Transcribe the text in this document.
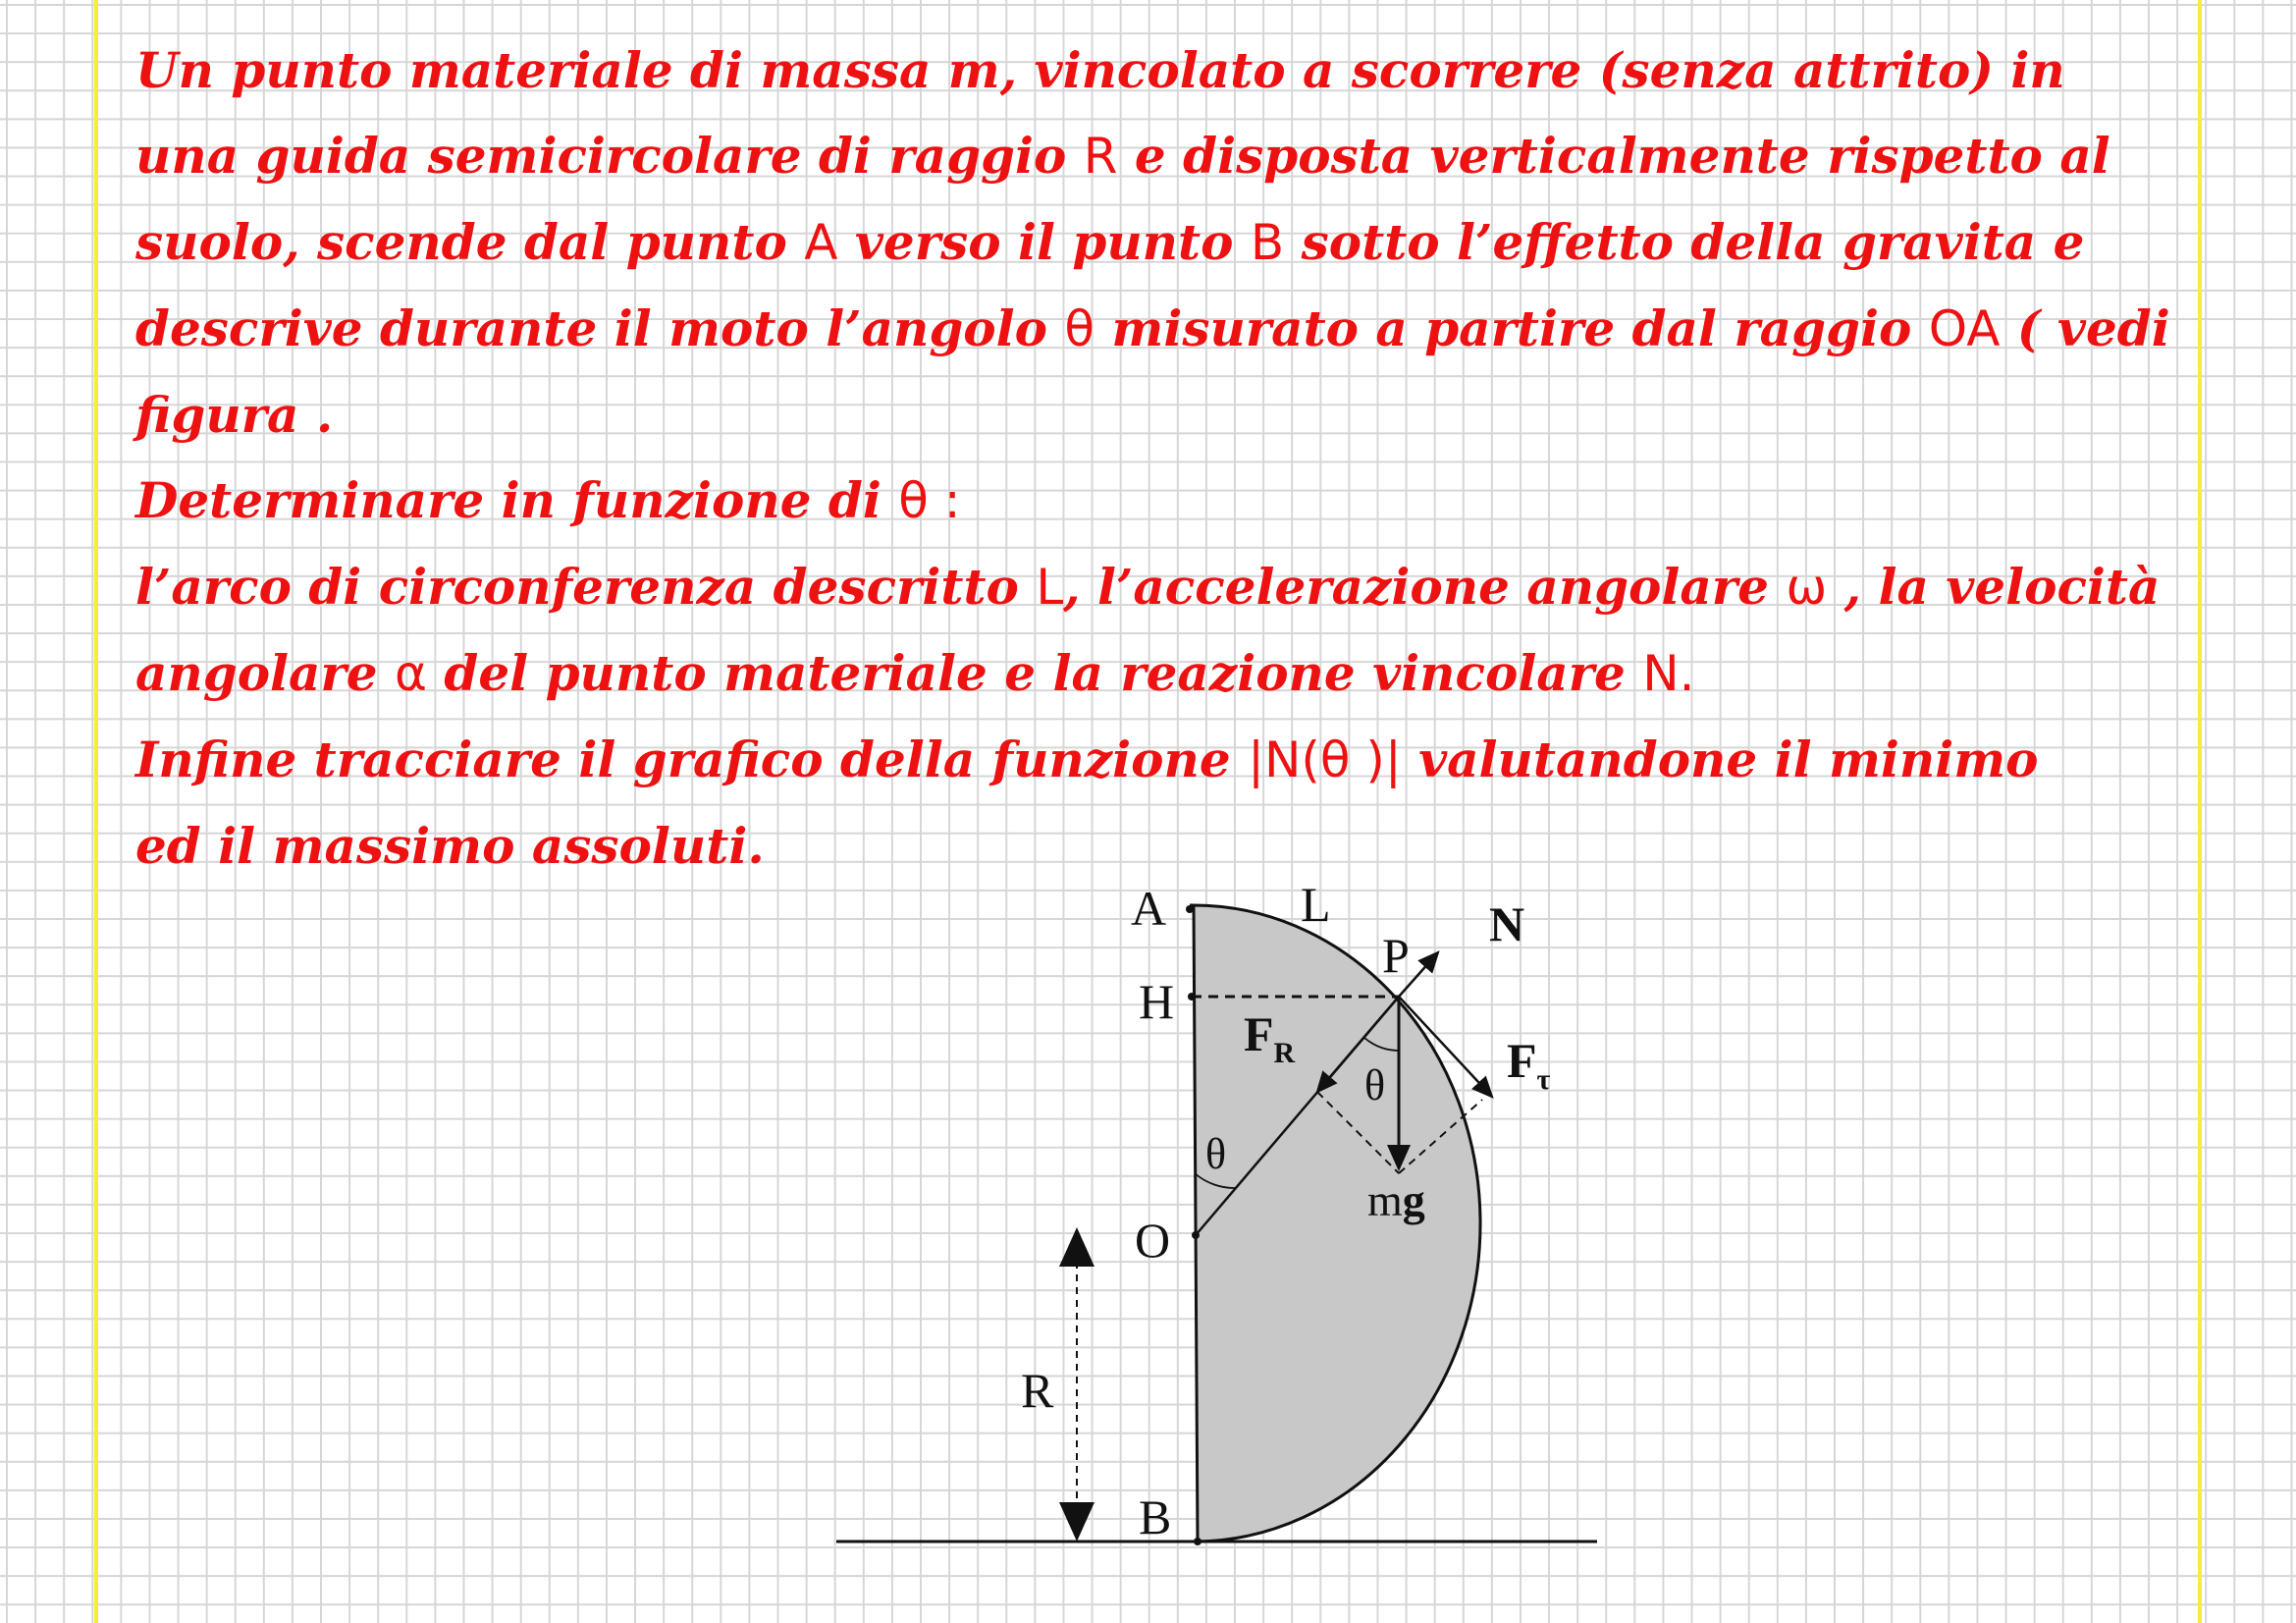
Un punto materiale di massa m, vincolato a scorrere (senza attrito) in
una guida semicircolare di raggio R e disposta verticalmente rispetto al
suolo, scende dal punto A verso il punto B sotto l’effetto della gravita e
descrive durante il moto l’angolo θ misurato a partire dal raggio OA ( vedi
figura .
Determinare in funzione di θ :
l’arco di circonferenza descritto L, l’accelerazione angolare ω , la velocità
angolare α del punto materiale e la reazione vincolare N.
Infine tracciare il grafico della funzione |N(θ )| valutandone il minimo
ed il massimo assoluti.
A	L	N
P
H
$F_R$	$F_\tau$
θ
θ
mg
O
R
B
